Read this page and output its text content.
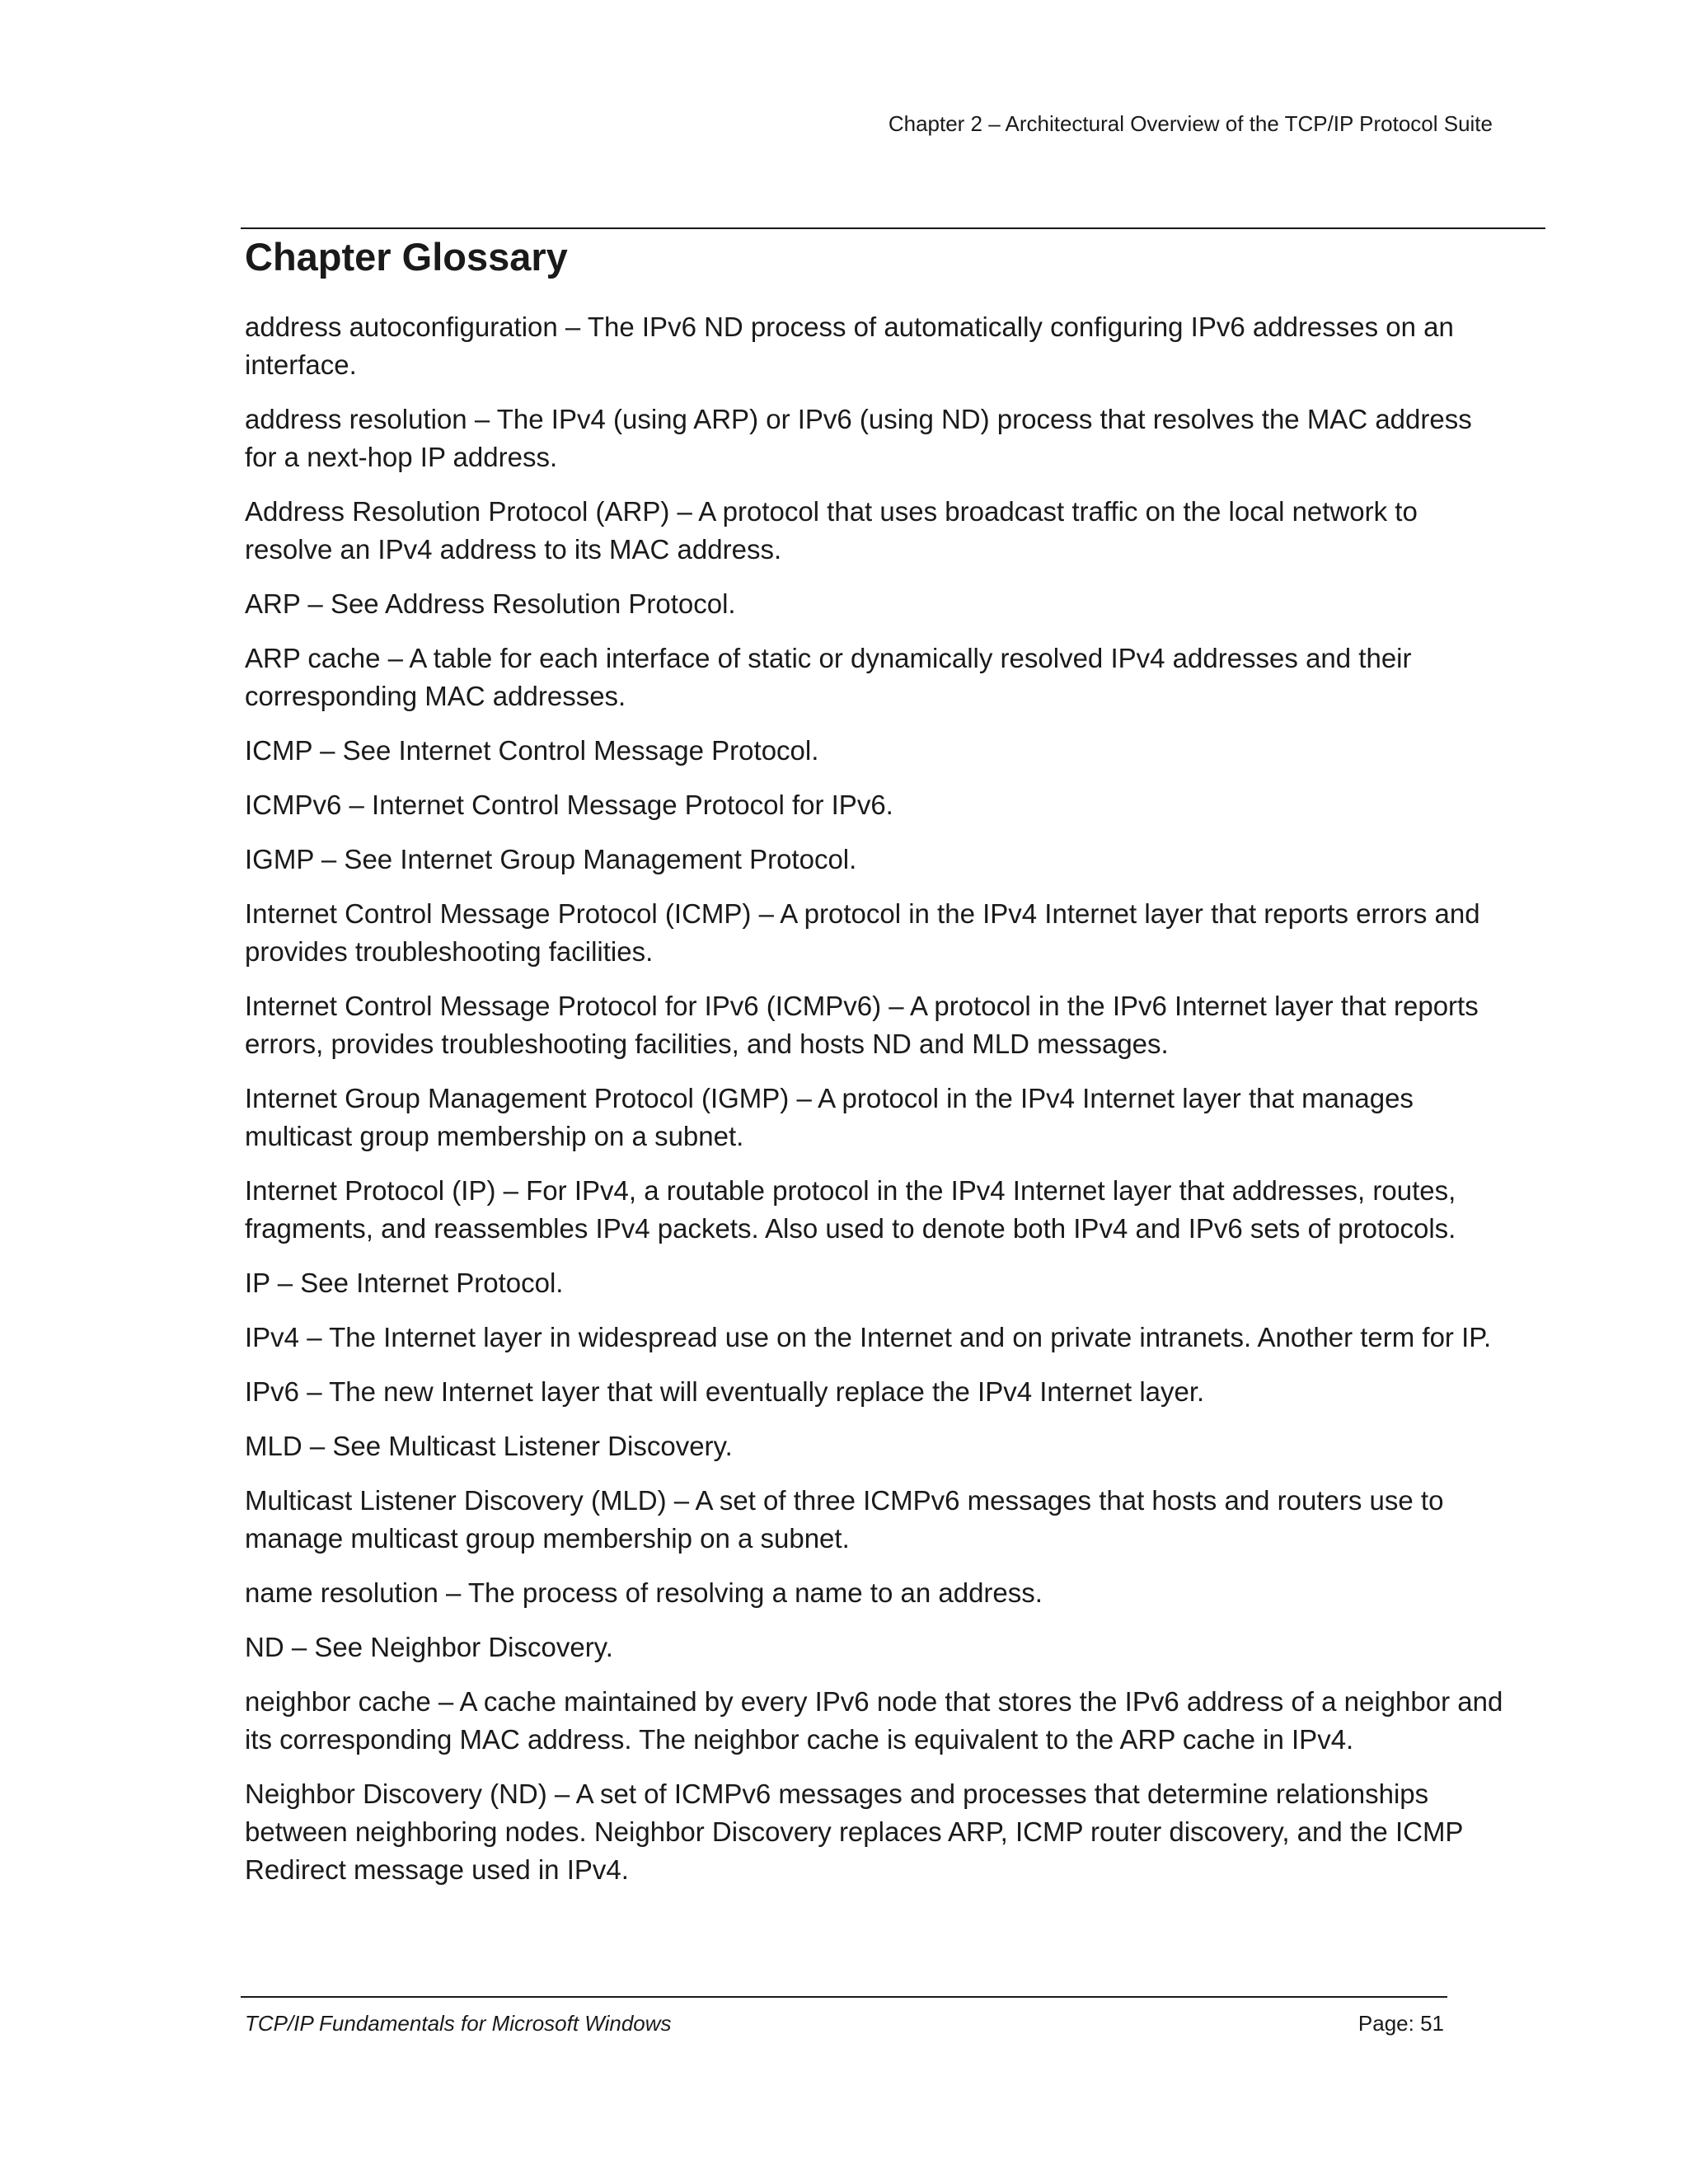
Chapter 2 – Architectural Overview of the TCP/IP Protocol Suite
Chapter Glossary
address autoconfiguration – The IPv6 ND process of automatically configuring IPv6 addresses on an interface.
address resolution – The IPv4 (using ARP) or IPv6 (using ND) process that resolves the MAC address for a next-hop IP address.
Address Resolution Protocol (ARP) – A protocol that uses broadcast traffic on the local network to resolve an IPv4 address to its MAC address.
ARP – See Address Resolution Protocol.
ARP cache – A table for each interface of static or dynamically resolved IPv4 addresses and their corresponding MAC addresses.
ICMP – See Internet Control Message Protocol.
ICMPv6 – Internet Control Message Protocol for IPv6.
IGMP – See Internet Group Management Protocol.
Internet Control Message Protocol (ICMP) – A protocol in the IPv4 Internet layer that reports errors and provides troubleshooting facilities.
Internet Control Message Protocol for IPv6 (ICMPv6) – A protocol in the IPv6 Internet layer that reports errors, provides troubleshooting facilities, and hosts ND and MLD messages.
Internet Group Management Protocol (IGMP) – A protocol in the IPv4 Internet layer that manages multicast group membership on a subnet.
Internet Protocol (IP) – For IPv4, a routable protocol in the IPv4 Internet layer that addresses, routes, fragments, and reassembles IPv4 packets. Also used to denote both IPv4 and IPv6 sets of protocols.
IP – See Internet Protocol.
IPv4 – The Internet layer in widespread use on the Internet and on private intranets. Another term for IP.
IPv6 – The new Internet layer that will eventually replace the IPv4 Internet layer.
MLD – See Multicast Listener Discovery.
Multicast Listener Discovery (MLD) – A set of three ICMPv6 messages that hosts and routers use to manage multicast group membership on a subnet.
name resolution – The process of resolving a name to an address.
ND – See Neighbor Discovery.
neighbor cache – A cache maintained by every IPv6 node that stores the IPv6 address of a neighbor and its corresponding MAC address. The neighbor cache is equivalent to the ARP cache in IPv4.
Neighbor Discovery (ND) – A set of ICMPv6 messages and processes that determine relationships between neighboring nodes. Neighbor Discovery replaces ARP, ICMP router discovery, and the ICMP Redirect message used in IPv4.
TCP/IP Fundamentals for Microsoft Windows	Page: 51
